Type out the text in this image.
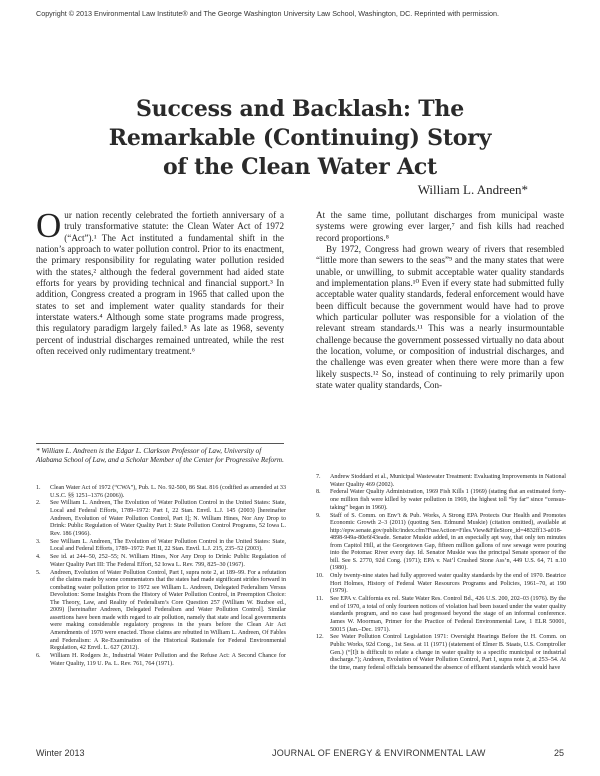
Copyright © 2013 Environmental Law Institute® and The George Washington University Law School, Washington, DC. Reprinted with permission.
Success and Backlash: The
Remarkable (Continuing) Story
of the Clean Water Act
William L. Andreen*

Our nation recently celebrated the fortieth anniversary of a truly transformative statute: the Clean Water Act of 1972 (“Act”).¹ The Act instituted a fundamental shift in the nation’s approach to water pollution control. Prior to its enactment, the primary responsibility for regulating water pollution resided with the states,² although the federal government had aided state efforts for years by providing technical and financial support.³ In addition, Congress created a program in 1965 that called upon the states to set and implement water quality standards for their interstate waters.⁴ Although some state programs made progress, this regulatory paradigm largely failed.⁵ As late as 1968, seventy percent of industrial discharges remained untreated, while the rest often received only rudimentary treatment.⁶

* William L. Andreen is the Edgar L. Clarkson Professor of Law, University of Alabama School of Law, and a Scholar Member of the Center for Progressive Reform.

At the same time, pollutant discharges from municipal waste systems were growing ever larger,⁷ and fish kills had reached record proportions.⁸

By 1972, Congress had grown weary of rivers that resembled “little more than sewers to the seas”⁹ and the many states that were unable, or unwilling, to submit acceptable water quality standards and implementation plans.¹⁰ Even if every state had submitted fully acceptable water quality standards, federal enforcement would have been difficult because the government would have had to prove which particular polluter was responsible for a violation of the relevant stream standards.¹¹ This was a nearly insurmountable challenge because the government possessed virtually no data about the location, volume, or composition of industrial discharges, and the challenge was even greater when there were more than a few likely suspects.¹² So, instead of continuing to rely primarily upon state water quality standards, Con-

1.	Clean Water Act of 1972 (“CWA”), Pub. L. No. 92-500, 86 Stat. 816 (codified as amended at 33 U.S.C. §§ 1251–1376 (2006)).
2.	See William L. Andreen, The Evolution of Water Pollution Control in the United States: State, Local and Federal Efforts, 1789–1972: Part I, 22 Stan. Envtl. L.J. 145 (2003) [hereinafter Andreen, Evolution of Water Pollution Control, Part I]; N. William Hines, Nor Any Drop to Drink: Public Regulation of Water Quality Part I: State Pollution Control Programs, 52 Iowa L. Rev. 186 (1966).
3.	See William L. Andreen, The Evolution of Water Pollution Control in the United States: State, Local and Federal Efforts, 1789–1972: Part II, 22 Stan. Envtl. L.J. 215, 235–52 (2003).
4.	See id. at 244–50, 252–55; N. William Hines, Nor Any Drop to Drink: Public Regulation of Water Quality Part III: The Federal Effort, 52 Iowa L. Rev. 799, 825–30 (1967).
5.	Andreen, Evolution of Water Pollution Control, Part I, supra note 2, at 189–99. For a refutation of the claims made by some commentators that the states had made significant strides forward in combating water pollution prior to 1972 see William L. Andreen, Delegated Federalism Versus Devolution: Some Insights From the History of Water Pollution Control, in Preemption Choice: The Theory, Law, and Reality of Federalism’s Core Question 257 (William W. Buzbee ed., 2009) [hereinafter Andreen, Delegated Federalism and Water Pollution Control]. Similar assertions have been made with regard to air pollution, namely that state and local governments were making considerable regulatory progress in the years before the Clean Air Act Amendments of 1970 were enacted. Those claims are rebutted in William L. Andreen, Of Fables and Federalism: A Re-Examination of the Historical Rationale for Federal Environmental Regulation, 42 Envtl. L. 627 (2012).
6.	William H. Rodgers Jr., Industrial Water Pollution and the Refuse Act: A Second Chance for Water Quality, 119 U. Pa. L. Rev. 761, 764 (1971).
7.	Andrew Stoddard et al., Municipal Wastewater Treatment: Evaluating Improvements in National Water Quality 469 (2002).
8.	Federal Water Quality Administration, 1969 Fish Kills 1 (1969) (stating that an estimated forty-one million fish were killed by water pollution in 1969, the highest toll “by far” since “census-taking” began in 1960).
9.	Staff of S. Comm. on Env’t & Pub. Works, A Strong EPA Protects Our Health and Promotes Economic Growth 2–3 (2011) (quoting Sen. Edmund Muskie) (citation omitted), available at http://epw.senate.gov/public/index.cfm?FuseAction=Files.View&FileStore_id=4832ff13-a018-4898-949a-80e6f43eade. Senator Muskie added, in an especially apt way, that only ten minutes from Capitol Hill, at the Georgetown Gap, fifteen million gallons of raw sewage were pouring into the Potomac River every day. Id. Senator Muskie was the principal Senate sponsor of the bill. See S. 2770, 92d Cong. (1971); EPA v. Nat’l Crushed Stone Ass’n, 449 U.S. 64, 71 n.10 (1980).
10.	Only twenty-nine states had fully approved water quality standards by the end of 1970. Beatrice Hort Holmes, History of Federal Water Resources Programs and Policies, 1961–70, at 190 (1979).
11.	See EPA v. California ex rel. State Water Res. Control Bd., 426 U.S. 200, 202–03 (1976). By the end of 1970, a total of only fourteen notices of violation had been issued under the water quality standards program, and no case had progressed beyond the stage of an informal conference. James W. Moorman, Primer for the Practice of Federal Environmental Law, 1 ELR 50001, 50015 (Jan.–Dec. 1971).
12.	See Water Pollution Control Legislation 1971: Oversight Hearings Before the H. Comm. on Public Works, 92d Cong., 1st Sess. at 11 (1971) (statement of Elmer B. Staats, U.S. Comptroller Gen.) (“[I]t is difficult to relate a change in water quality to a specific municipal or industrial discharge.”); Andreen, Evolution of Water Pollution Control, Part I, supra note 2, at 253–54. At the time, many federal officials bemoaned the absence of effluent standards which would have
Winter 2013	JOURNAL OF ENERGY & ENVIRONMENTAL LAW	25
